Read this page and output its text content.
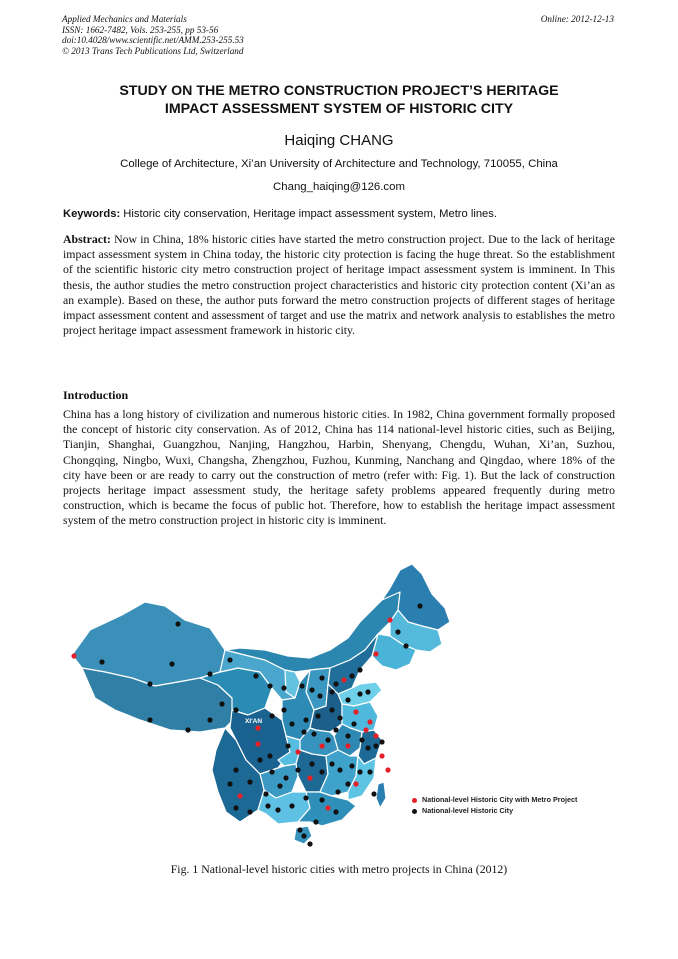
Applied Mechanics and Materials
ISSN: 1662-7482, Vols. 253-255, pp 53-56
doi:10.4028/www.scientific.net/AMM.253-255.53
© 2013 Trans Tech Publications Ltd, Switzerland
Online: 2012-12-13
STUDY ON THE METRO CONSTRUCTION PROJECT’S HERITAGE
IMPACT ASSESSMENT SYSTEM OF HISTORIC CITY
Haiqing CHANG
College of Architecture, Xi’an University of Architecture and Technology, 710055, China
Chang_haiqing@126.com
Keywords: Historic city conservation, Heritage impact assessment system, Metro lines.
Abstract: Now in China, 18% historic cities have started the metro construction project. Due to the lack of heritage impact assessment system in China today, the historic city protection is facing the huge threat. So the establishment of the scientific historic city metro construction project of heritage impact assessment system is imminent. In This thesis, the author studies the metro construction project characteristics and historic city protection content (Xi’an as an example). Based on these, the author puts forward the metro construction projects of different stages of heritage impact assessment content and assessment of target and use the matrix and network analysis to establishes the metro project heritage impact assessment framework in historic city.
Introduction
China has a long history of civilization and numerous historic cities. In 1982, China government formally proposed the concept of historic city conservation. As of 2012, China has 114 national-level historic cities, such as Beijing, Tianjin, Shanghai, Guangzhou, Nanjing, Hangzhou, Harbin, Shenyang, Chengdu, Wuhan, Xi’an, Suzhou, Chongqing, Ningbo, Wuxi, Changsha, Zhengzhou, Fuzhou, Kunming, Nanchang and Qingdao, where 18% of the city have been or are ready to carry out the construction of metro (refer with: Fig. 1). But the lack of construction projects heritage impact assessment study, the heritage safety problems appeared frequently during metro construction, which is became the focus of public hot. Therefore, how to establish the heritage impact assessment system of the metro construction project in historic city is imminent.
XI'AN
National-level Historic City with Metro Project
National-level Historic City
Fig. 1 National-level historic cities with metro projects in China (2012)
